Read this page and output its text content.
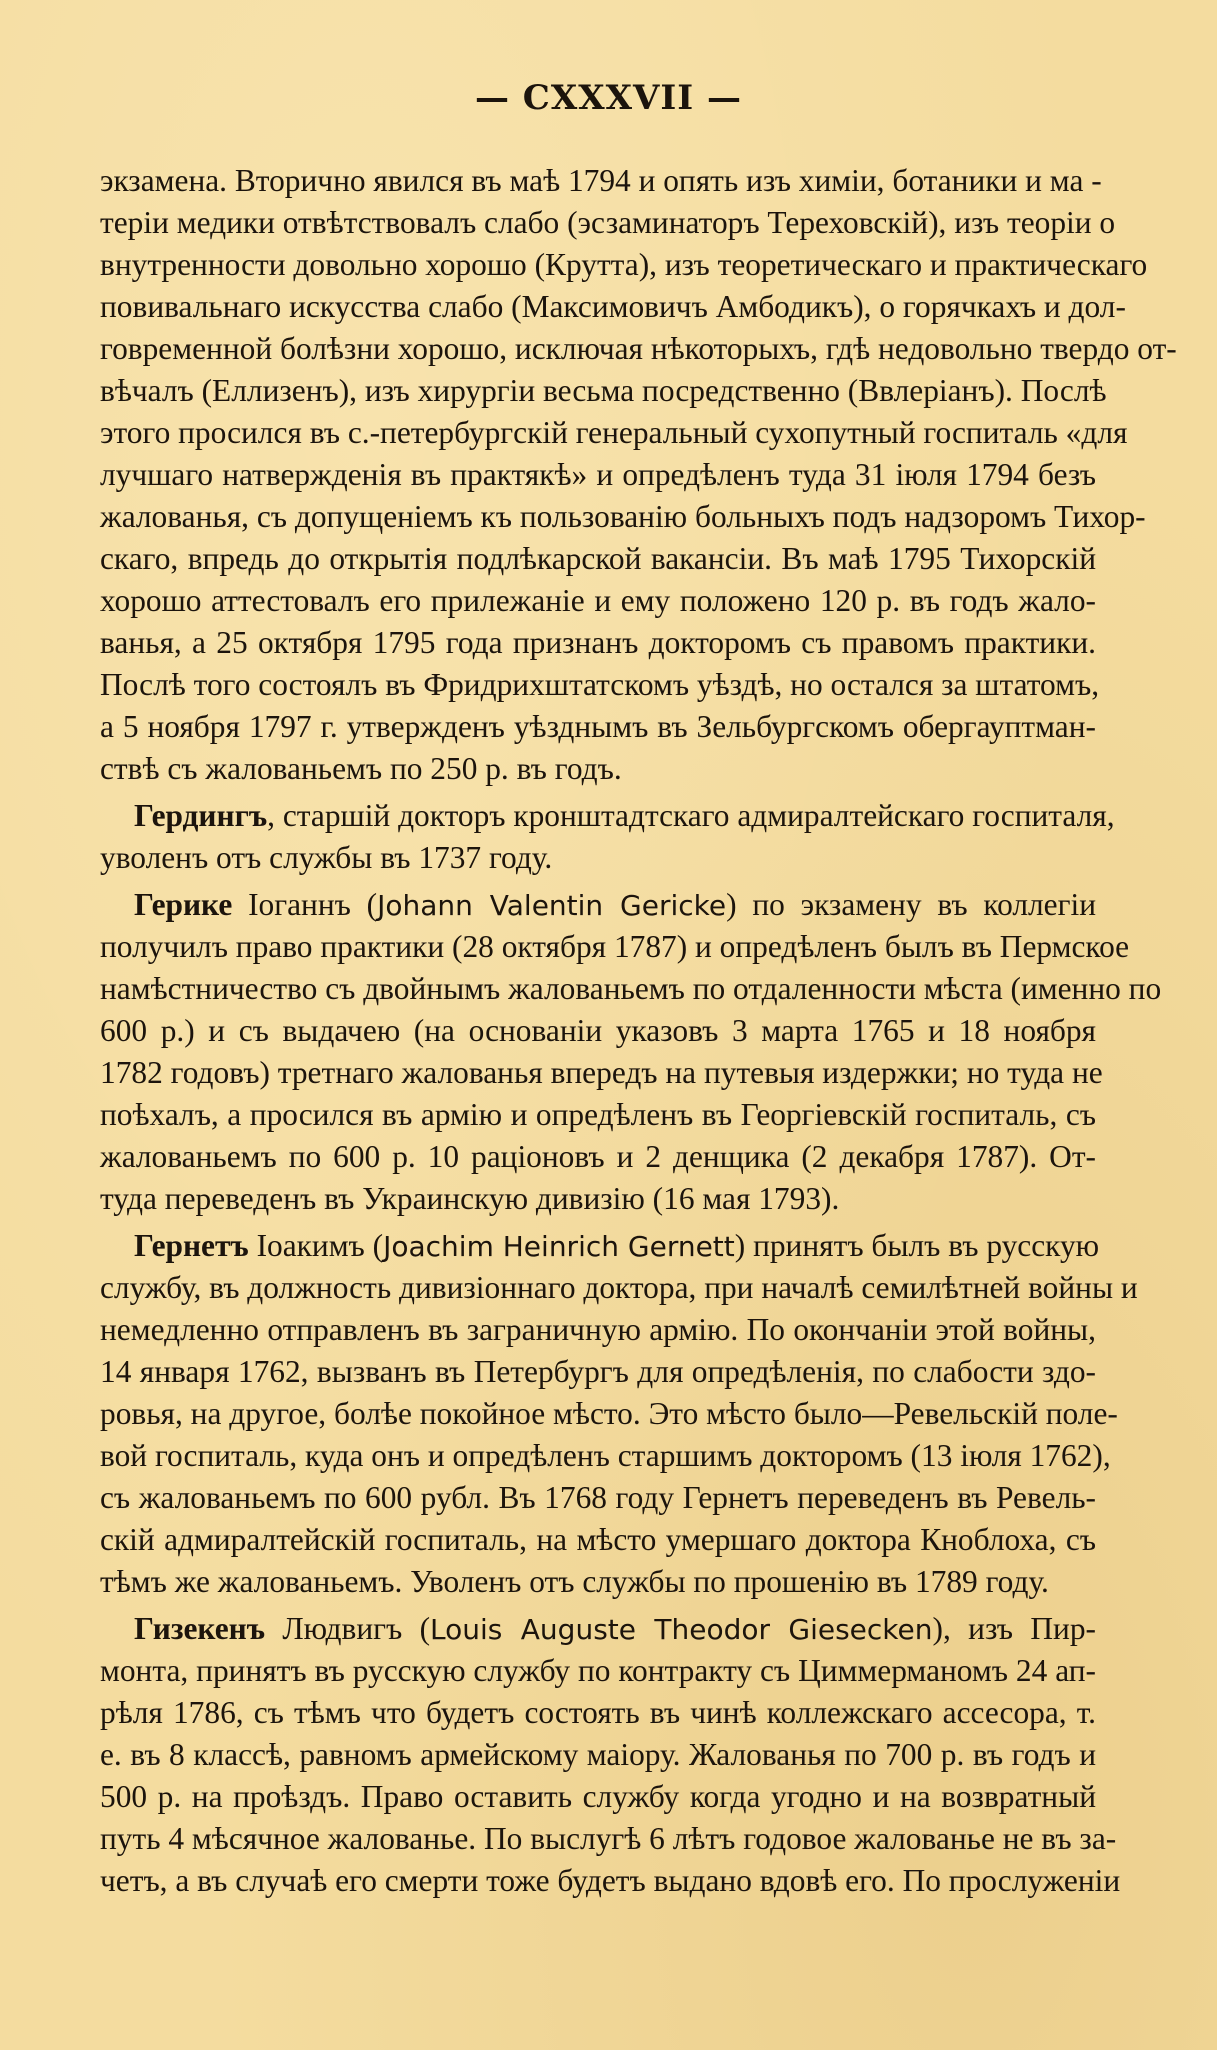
— CXXXVII —
экзамена. Вторично явился въ маѣ 1794 и опять изъ химіи, ботаники и ма -
теріи медики отвѣтствовалъ слабо (эсзаминаторъ Тереховскій), изъ теоріи о
внутренности довольно хорошо (Крутта), изъ теоретическаго и практическаго
повивальнаго искусства слабо (Максимовичъ Амбодикъ), о горячкахъ и дол-
говременной болѣзни хорошо, исключая нѣкоторыхъ, гдѣ недовольно твердо от-
вѣчалъ (Еллизенъ), изъ хирургіи весьма посредственно (Ввлеріанъ). Послѣ
этого просился въ с.-петербургскій генеральный сухопутный госпиталь «для
лучшаго натвержденія въ практякѣ» и опредѣленъ туда 31 іюля 1794 безъ
жалованья, съ допущеніемъ къ пользованію больныхъ подъ надзоромъ Тихор-
скаго, впредь до открытія подлѣкарской вакансіи. Въ маѣ 1795 Тихорскій
хорошо аттестовалъ его прилежаніе и ему положено 120 р. въ годъ жало-
ванья, а 25 октября 1795 года признанъ докторомъ съ правомъ практики.
Послѣ того состоялъ въ Фридрихштатскомъ уѣздѣ, но остался за штатомъ,
а 5 ноября 1797 г. утвержденъ уѣзднымъ въ Зельбургскомъ обергауптман-
ствѣ съ жалованьемъ по 250 р. въ годъ.
Гердингъ, старшій докторъ кронштадтскаго адмиралтейскаго госпиталя,
уволенъ отъ службы въ 1737 году.
Герике Іоганнъ (Johann Valentin Gericke) по экзамену въ коллегіи
получилъ право практики (28 октября 1787) и опредѣленъ былъ въ Пермское
намѣстничество съ двойнымъ жалованьемъ по отдаленности мѣста (именно по
600 р.) и съ выдачею (на основаніи указовъ 3 марта 1765 и 18 ноября
1782 годовъ) третнаго жалованья впередъ на путевыя издержки; но туда не
поѣхалъ, а просился въ армію и опредѣленъ въ Георгіевскій госпиталь, съ
жалованьемъ по 600 р. 10 раціоновъ и 2 денщика (2 декабря 1787). От-
туда переведенъ въ Украинскую дивизію (16 мая 1793).
Гернетъ Іоакимъ (Joachim Heinrich Gernett) принятъ былъ въ русскую
службу, въ должность дивизіоннаго доктора, при началѣ семилѣтней войны и
немедленно отправленъ въ заграничную армію. По окончаніи этой войны,
14 января 1762, вызванъ въ Петербургъ для опредѣленія, по слабости здо-
ровья, на другое, болѣе покойное мѣсто. Это мѣсто было—Ревельскій поле-
вой госпиталь, куда онъ и опредѣленъ старшимъ докторомъ (13 іюля 1762),
съ жалованьемъ по 600 рубл. Въ 1768 году Гернетъ переведенъ въ Ревель-
скій адмиралтейскій госпиталь, на мѣсто умершаго доктора Кноблоха, съ
тѣмъ же жалованьемъ. Уволенъ отъ службы по прошенію въ 1789 году.
Гизекенъ Людвигъ (Louis Auguste Theodor Giesecken), изъ Пир-
монта, принятъ въ русскую службу по контракту съ Циммерманомъ 24 ап-
рѣля 1786, съ тѣмъ что будетъ состоять въ чинѣ коллежскаго ассесора, т.
е. въ 8 классѣ, равномъ армейскому маіору. Жалованья по 700 р. въ годъ и
500 р. на проѣздъ. Право оставить службу когда угодно и на возвратный
путь 4 мѣсячное жалованье. По выслугѣ 6 лѣтъ годовое жалованье не въ за-
четъ, а въ случаѣ его смерти тоже будетъ выдано вдовѣ его. По прослуженіи
